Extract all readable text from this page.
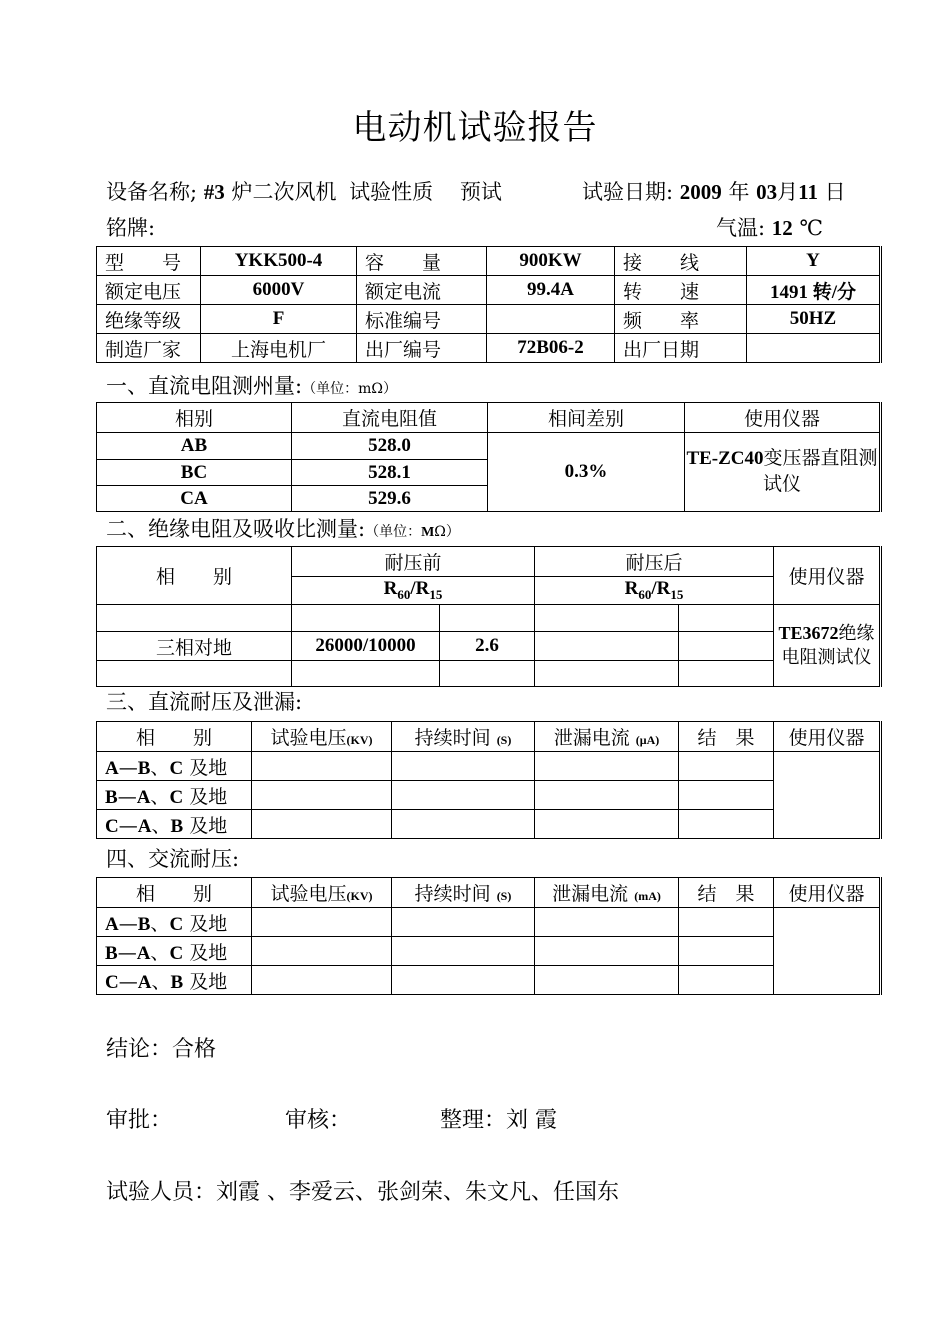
电动机试验报告
设备名称; #3 炉二次风机 试验性质 预试	试验日期: 2009 年 03月11 日
铭牌:	气温: 12 ℃
型　　号	YKK500-4	容　　量	900KW	接　　线	Y
额定电压	6000V	额定电流	99.4A	转　　速	1491 转/分
绝缘等级	F	标准编号		频　　率	50HZ
制造厂家	上海电机厂	出厂编号	72B06-2	出厂日期	
一、直流电阻测州量:（单位：mΩ）
相别	直流电阻值	相间差别	使用仪器
AB	528.0	0.3%	TE-ZC40变压器直阻测试仪
BC	528.1		
CA	529.6		
二、绝缘电阻及吸收比测量:（单位：MΩ）
相　　别	耐压前		耐压后		使用仪器
	$R_{60}/R_{15}$		$R_{60}/R_{15}$
					TE3672绝缘电阻测试仪
三相对地	26000/10000	2.6			

三、直流耐压及泄漏:
相　　别	试验电压(KV)	持续时间 (S)	泄漏电流 (μA)	结　果	使用仪器
A—B、C 及地					
B—A、C 及地					
C—A、B 及地					
四、交流耐压:
相　　别	试验电压(KV)	持续时间 (S)	泄漏电流 (mA)	结　果	使用仪器
A—B、C 及地					
B—A、C 及地					
C—A、B 及地					
结论：合格
审批：	审核：	整理：刘 霞
试验人员：刘霞 、李爱云、张剑荣、朱文凡、任国东
